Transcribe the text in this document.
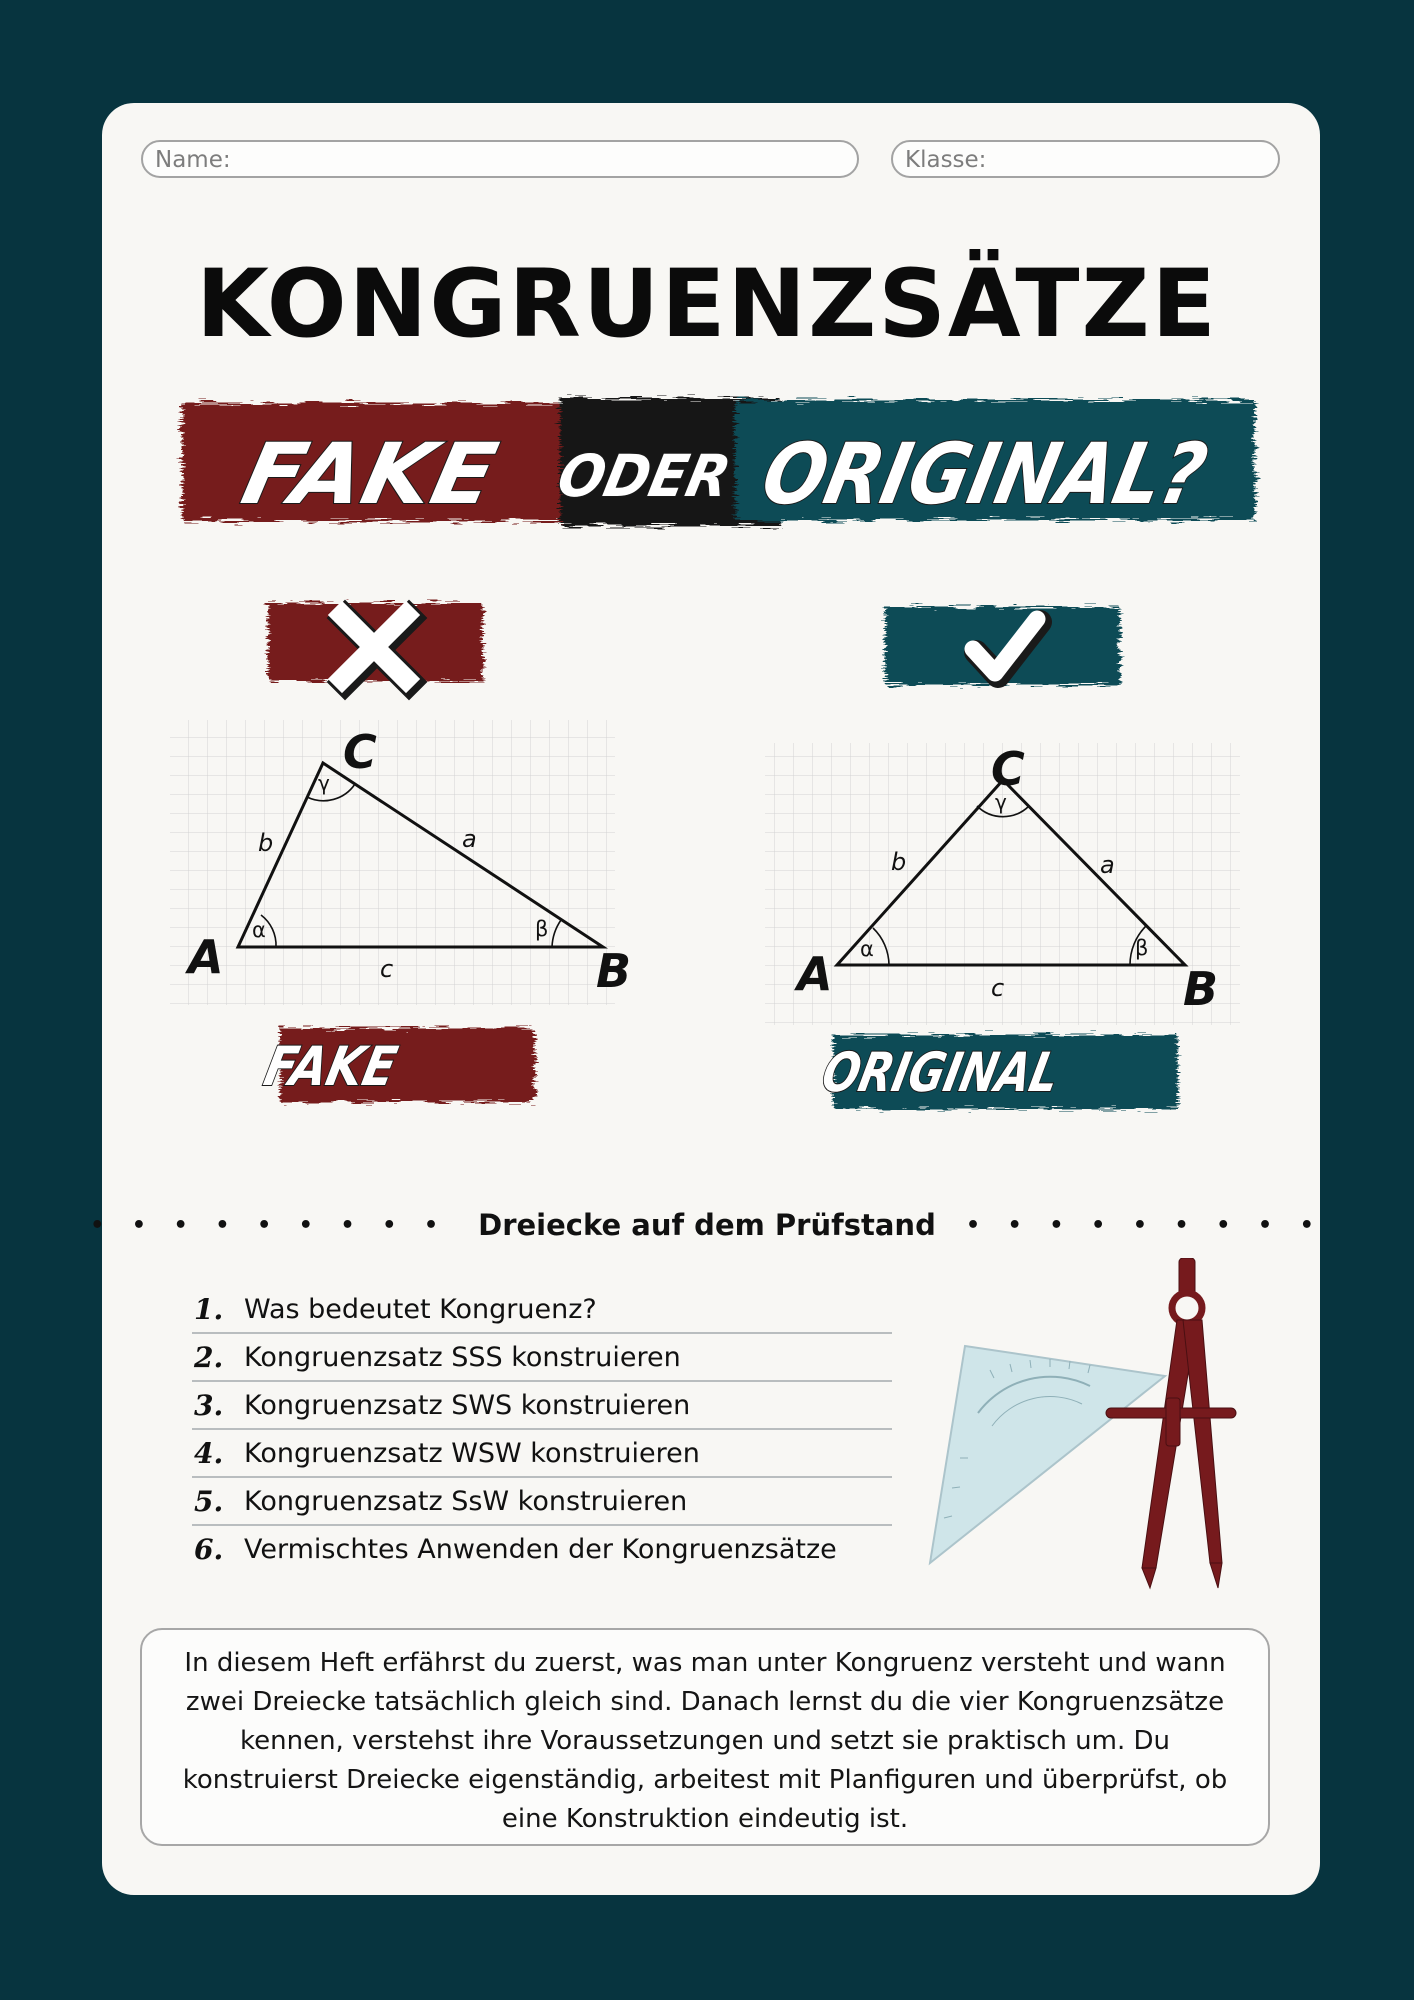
Name:	Klasse:
KONGRUENZSÄTZE
FAKE ODER ORIGINAL?
α	β
γ
a
b
c
A	B
C
FAKE
α	β
γ
a
b
c
A	B
C
ORIGINAL
• • • • • • • • • Dreiecke auf dem Prüfstand • • • • • • • • •
1. Was bedeutet Kongruenz?
2. Kongruenzsatz SSS konstruieren
3. Kongruenzsatz SWS konstruieren
4. Kongruenzsatz WSW konstruieren
5. Kongruenzsatz SsW konstruieren
6. Vermischtes Anwenden der Kongruenzsätze
In diesem Heft erfährst du zuerst, was man unter Kongruenz versteht und wann zwei Dreiecke tatsächlich gleich sind. Danach lernst du die vier Kongruenzsätze kennen, verstehst ihre Voraussetzungen und setzt sie praktisch um. Du konstruierst Dreiecke eigenständig, arbeitest mit Planfiguren und überprüfst, ob eine Konstruktion eindeutig ist.
